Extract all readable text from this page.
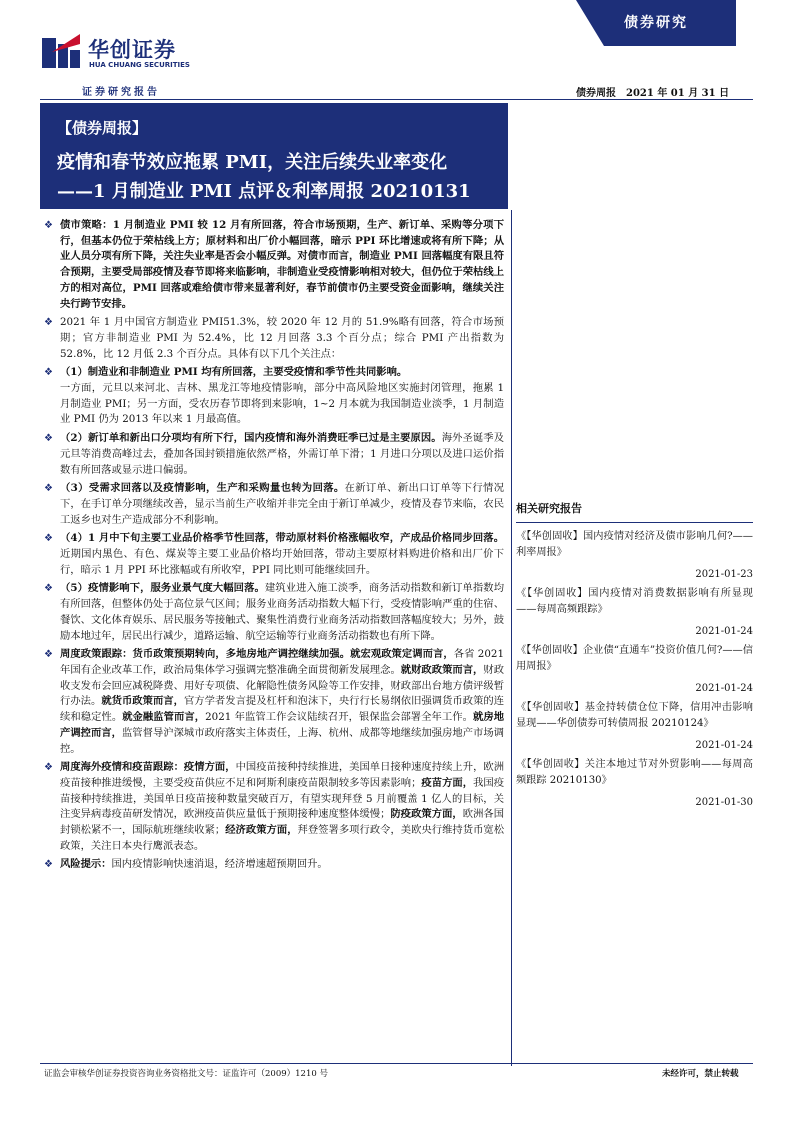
华创证券
HUA CHUANG SECURITIES
证券研究报告
债券研究
债券周报 2021 年 01 月 31 日
【债券周报】
疫情和春节效应拖累 PMI，关注后续失业率变化
——1 月制造业 PMI 点评＆利率周报 20210131
❖ 债市策略：1 月制造业 PMI 较 12 月有所回落，符合市场预期，生产、新订单、采购等分项下行，但基本仍位于荣枯线上方；原材料和出厂价小幅回落，暗示 PPI 环比增速或将有所下降；从业人员分项有所下降，关注失业率是否会小幅反弹。对债市而言，制造业 PMI 回落幅度有限且符合预期，主要受局部疫情及春节即将来临影响，非制造业受疫情影响相对较大，但仍位于荣枯线上方的相对高位，PMI 回落或难给债市带来显著利好，春节前债市仍主要受资金面影响，继续关注央行跨节安排。
❖ 2021 年 1 月中国官方制造业 PMI51.3%，较 2020 年 12 月的 51.9%略有回落，符合市场预期；官方非制造业 PMI 为 52.4%，比 12 月回落 3.3 个百分点；综合 PMI 产出指数为 52.8%，比 12 月低 2.3 个百分点。具体有以下几个关注点：
❖ （1）制造业和非制造业 PMI 均有所回落，主要受疫情和季节性共同影响。
一方面，元旦以来河北、吉林、黑龙江等地疫情影响，部分中高风险地区实施封闭管理，拖累 1 月制造业 PMI；另一方面，受农历春节即将到来影响，1~2 月本就为我国制造业淡季，1 月制造业 PMI 仍为 2013 年以来 1 月最高值。
❖ （2）新订单和新出口分项均有所下行，国内疫情和海外消费旺季已过是主要原因。海外圣诞季及元旦等消费高峰过去，叠加各国封锁措施依然严格，外需订单下滑；1 月进口分项以及进口运价指数有所回落或显示进口偏弱。
❖ （3）受需求回落以及疫情影响，生产和采购量也转为回落。在新订单、新出口订单等下行情况下，在手订单分项继续改善，显示当前生产收缩并非完全由于新订单减少，疫情及春节来临，农民工返乡也对生产造成部分不利影响。
❖ （4）1 月中下旬主要工业品价格季节性回落，带动原材料价格涨幅收窄，产成品价格同步回落。近期国内黑色、有色、煤炭等主要工业品价格均开始回落，带动主要原材料购进价格和出厂价下行，暗示 1 月 PPI 环比涨幅或有所收窄，PPI 同比则可能继续回升。
❖ （5）疫情影响下，服务业景气度大幅回落。建筑业进入施工淡季，商务活动指数和新订单指数均有所回落，但整体仍处于高位景气区间；服务业商务活动指数大幅下行，受疫情影响严重的住宿、餐饮、文化体育娱乐、居民服务等接触式、聚集性消费行业商务活动指数回落幅度较大；另外，鼓励本地过年，居民出行减少，道路运输、航空运输等行业商务活动指数也有所下降。
❖ 周度政策跟踪：货币政策预期转向，多地房地产调控继续加强。就宏观政策定调而言，各省 2021 年国有企业改革工作，政治局集体学习强调完整准确全面贯彻新发展理念。就财政政策而言，财政收支发布会回应减税降费、用好专项债、化解隐性债务风险等工作安排，财政部出台地方债评级暂行办法。就货币政策而言，官方学者发言提及杠杆和泡沫下，央行行长易纲依旧强调货币政策的连续和稳定性。就金融监管而言，2021 年监管工作会议陆续召开，银保监会部署全年工作。就房地产调控而言，监管督导沪深城市政府落实主体责任，上海、杭州、成都等地继续加强房地产市场调控。
❖ 周度海外疫情和疫苗跟踪：疫情方面，中国疫苗接种持续推进，美国单日接种速度持续上升，欧洲疫苗接种推进缓慢，主要受疫苗供应不足和阿斯利康疫苗限制较多等因素影响；疫苗方面，我国疫苗接种持续推进，美国单日疫苗接种数量突破百万，有望实现拜登 5 月前覆盖 1 亿人的目标，关注变异病毒疫苗研发情况，欧洲疫苗供应量低于预期接种速度整体缓慢；防疫政策方面，欧洲各国封锁松紧不一，国际航班继续收紧；经济政策方面，拜登签署多项行政令，美欧央行维持货币宽松政策，关注日本央行鹰派表态。
❖ 风险提示：国内疫情影响快速消退，经济增速超预期回升。
相关研究报告
《【华创固收】国内疫情对经济及债市影响几何?——利率周报》
2021-01-23
《【华创固收】国内疫情对消费数据影响有所显现——每周高频跟踪》
2021-01-24
《【华创固收】企业债“直通车”投资价值几何?——信用周报》
2021-01-24
《【华创固收】基金持转债仓位下降，信用冲击影响显现——华创债券可转债周报 20210124》
2021-01-24
《【华创固收】关注本地过节对外贸影响——每周高频跟踪 20210130》
2021-01-30
证监会审核华创证券投资咨询业务资格批文号：证监许可（2009）1210 号	未经许可，禁止转载
